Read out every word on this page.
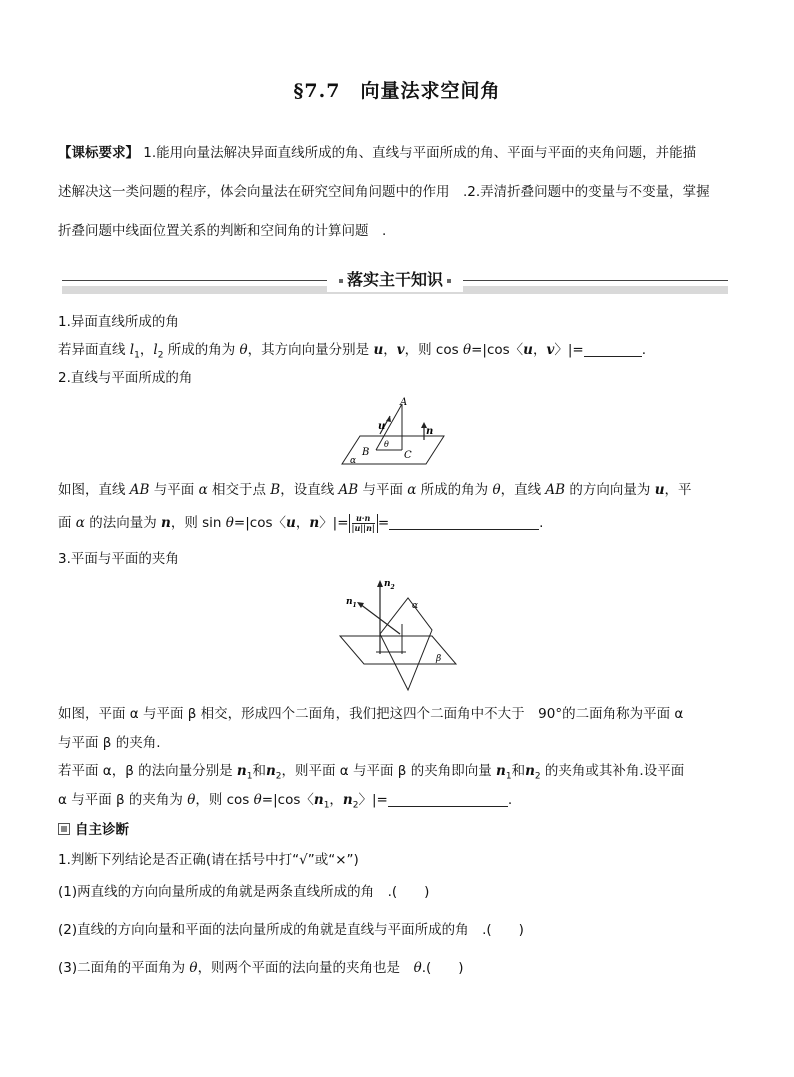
§7.7　向量法求空间角
【课标要求】 1.能用向量法解决异面直线所成的角、直线与平面所成的角、平面与平面的夹角问题，并能描
述解决这一类问题的程序，体会向量法在研究空间角问题中的作用　.2.弄清折叠问题中的变量与不变量，掌握
折叠问题中线面位置关系的判断和空间角的计算问题　.
落实主干知识
1.异面直线所成的角
若异面直线 $l_1$，$l_2$ 所成的角为 θ，其方向向量分别是 u，v，则 cos θ=|cos〈u，v〉|=	.
2.直线与平面所成的角
A
u	n
θ
B	C
α
如图，直线 AB 与平面 α 相交于点 B，设直线 AB 与平面 α 所成的角为 θ，直线 AB 的方向向量为 u，平
面 α 的法向量为 n，则 sin θ=|cos〈u，n〉|= $\frac{u\cdot n}{|u||n|}$ =	.
3.平面与平面的夹角
$n_2$
$n_1$	α
β
如图，平面 α 与平面 β 相交，形成四个二面角，我们把这四个二面角中不大于　90°的二面角称为平面 α
与平面 β 的夹角.
若平面 α，β 的法向量分别是 $n_1$和$n_2$，则平面 α 与平面 β 的夹角即向量 $n_1$和$n_2$ 的夹角或其补角.设平面
α 与平面 β 的夹角为 θ，则 cos θ=|cos〈$n_1$，$n_2$〉|=	.
自主诊断
1.判断下列结论是否正确(请在括号中打“√”或“×”)
(1)两直线的方向向量所成的角就是两条直线所成的角　.(　　)
(2)直线的方向向量和平面的法向量所成的角就是直线与平面所成的角　.(　　)
(3)二面角的平面角为 θ，则两个平面的法向量的夹角也是　θ.(　　)
